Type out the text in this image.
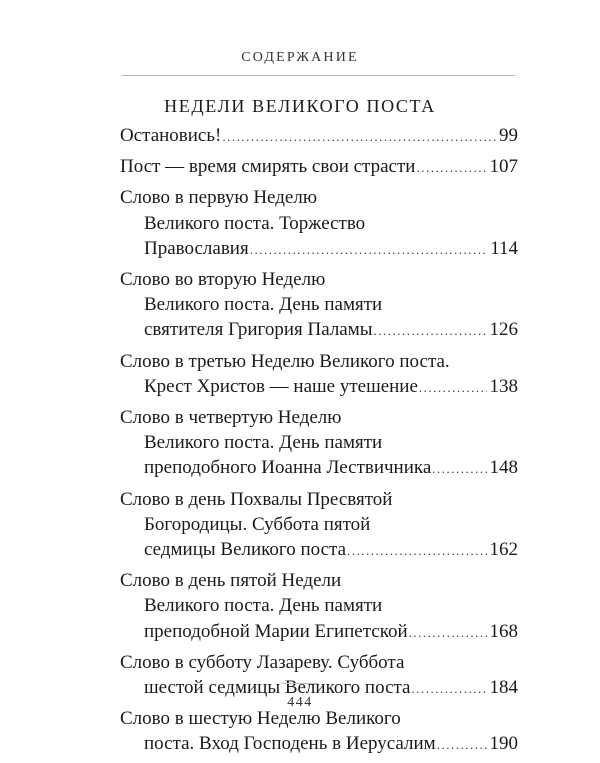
СОДЕРЖАНИЕ
НЕДЕЛИ ВЕЛИКОГО ПОСТА
Остановись! .....	99
Пост — время смирять свои страсти .....	107
Слово в первую Неделю
Великого поста. Торжество
Православия .....	114
Слово во вторую Неделю
Великого поста. День памяти
святителя Григория Паламы .....	126
Слово в третью Неделю Великого поста.
Крест Христов — наше утешение .....	138
Слово в четвертую Неделю
Великого поста. День памяти
преподобного Иоанна Лествичника .....	148
Слово в день Похвалы Пресвятой
Богородицы. Суббота пятой
седмицы Великого поста .....	162
Слово в день пятой Недели
Великого поста. День памяти
преподобной Марии Египетской .....	168
Слово в субботу Лазареву. Суббота
шестой седмицы Великого поста .....	184
Слово в шестую Неделю Великого
поста. Вход Господень в Иерусалим .....	190
444
